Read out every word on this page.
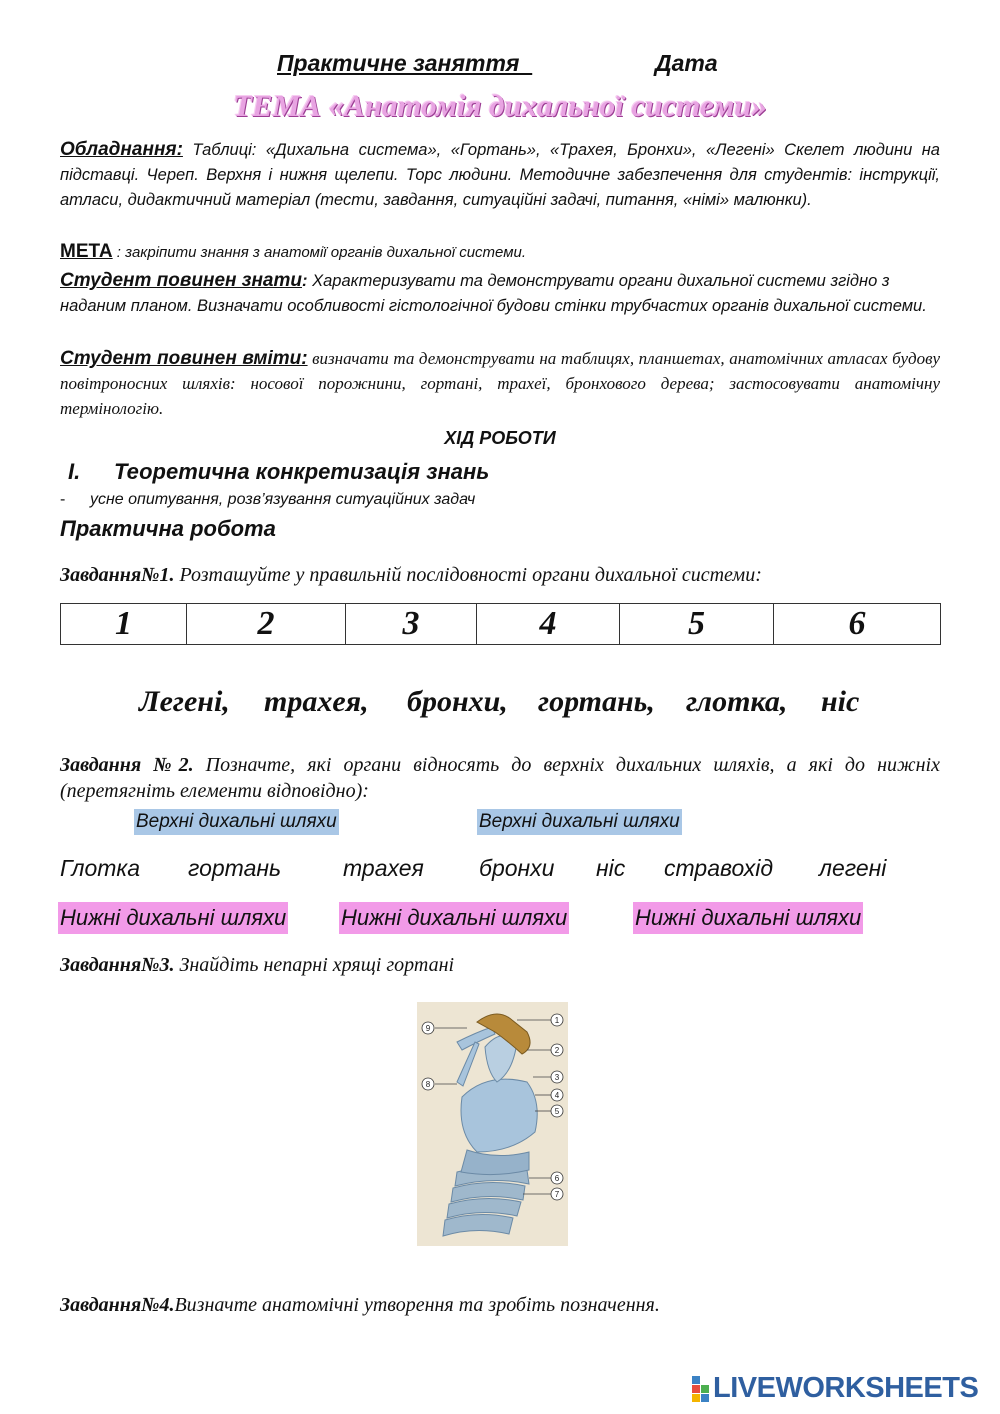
Практичне заняття	Дата
ТЕМА «Анатомія дихальної системи»
Обладнання: Таблиці: «Дихальна система», «Гортань», «Трахея, Бронхи», «Легені» Скелет людини на підставці. Череп. Верхня і нижня щелепи. Торс людини. Методичне забезпечення для студентів: інструкції, атласи, дидактичний матеріал (тести, завдання, ситуаційні задачі, питання, «німі» малюнки).
МЕТА : закріпити знання з анатомії органів дихальної системи.
Студент повинен знати: Характеризувати та демонструвати органи дихальної системи згідно з наданим планом. Визначати особливості гістологічної будови стінки трубчастих органів дихальної системи.
Студент повинен вміти: визначати та демонструвати на таблицях, планшетах, анатомічних атласах будову повітроносних шляхів: носової порожнини, гортані, трахеї, бронхового дерева; застосовувати анатомічну термінологію.
ХІД РОБОТИ
I. Теоретична конкретизація знань
- усне опитування, розв’язування ситуаційних задач
Практична робота
Завдання№1. Розташуйте у правильній послідовності органи дихальної системи:
1	2	3	4	5	6
Легені, трахея, бронхи, гортань, глотка, ніс
Завдання №2. Позначте, які органи відносять до верхніх дихальних шляхів, а які до нижніх (перетягніть елементи відповідно):
Верхні дихальні шляхи	Верхні дихальні шляхи
Глотка гортань	трахея бронхи ніс стравохід легені
Нижні дихальні шляхи Нижні дихальні шляхи	Нижні дихальні шляхи
Завдання№3. Знайдіть непарні хрящі гортані
1
2
3
4
5
6
7
8
9
Завдання№4.Визначте анатомічні утворення та зробіть позначення.
LIVEWORKSHEETS
